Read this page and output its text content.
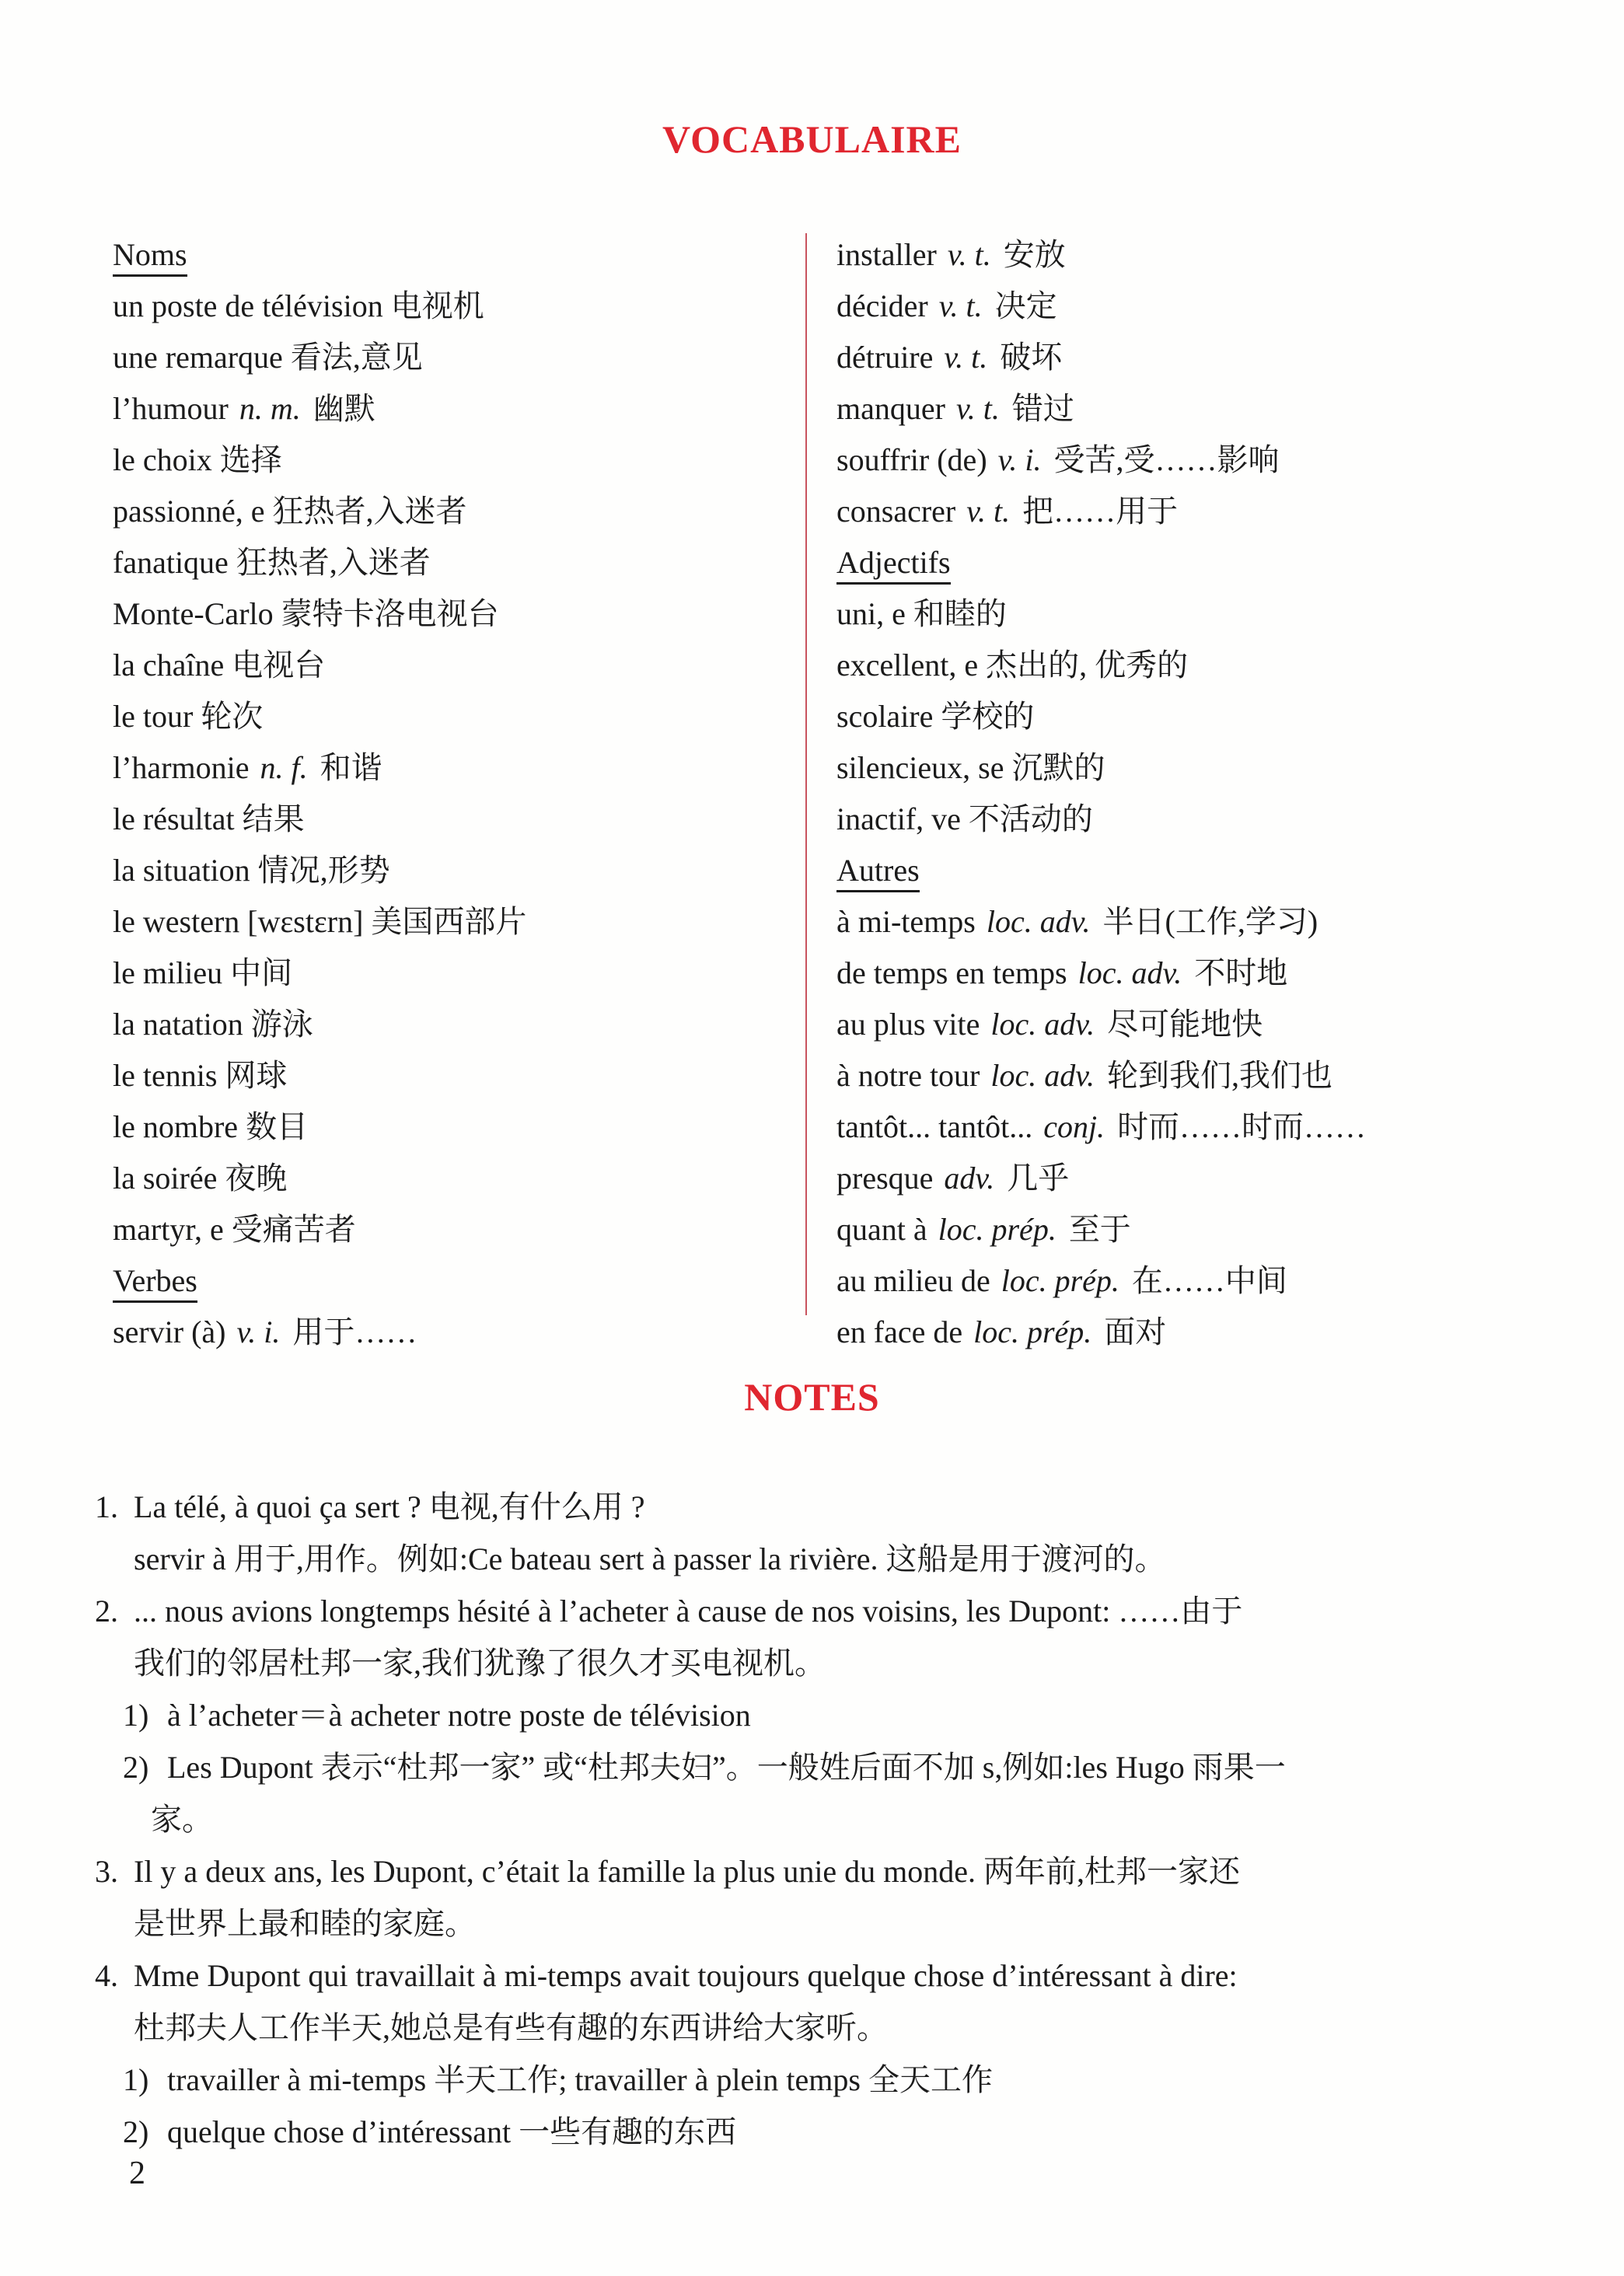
VOCABULAIRE
Noms
un poste de télévision 电视机
une remarque 看法,意见
l’humour n. m. 幽默
le choix 选择
passionné, e 狂热者,入迷者
fanatique 狂热者,入迷者
Monte-Carlo 蒙特卡洛电视台
la chaîne 电视台
le tour 轮次
l’harmonie n. f. 和谐
le résultat 结果
la situation 情况,形势
le western [wɛstɛrn] 美国西部片
le milieu 中间
la natation 游泳
le tennis 网球
le nombre 数目
la soirée 夜晚
martyr, e 受痛苦者
Verbes
servir (à) v. i. 用于……
installer v. t. 安放
décider v. t. 决定
détruire v. t. 破坏
manquer v. t. 错过
souffrir (de) v. i. 受苦,受……影响
consacrer v. t. 把……用于
Adjectifs
uni, e 和睦的
excellent, e 杰出的, 优秀的
scolaire 学校的
silencieux, se 沉默的
inactif, ve 不活动的
Autres
à mi-temps loc. adv. 半日(工作,学习)
de temps en temps loc. adv. 不时地
au plus vite loc. adv. 尽可能地快
à notre tour loc. adv. 轮到我们,我们也
tantôt... tantôt... conj. 时而……时而……
presque adv. 几乎
quant à loc. prép. 至于
au milieu de loc. prép. 在……中间
en face de loc. prép. 面对
NOTES
1. La télé, à quoi ça sert ? 电视,有什么用 ?
servir à 用于,用作。例如:Ce bateau sert à passer la rivière. 这船是用于渡河的。
2. ... nous avions longtemps hésité à l’acheter à cause de nos voisins, les Dupont: ……由于
我们的邻居杜邦一家,我们犹豫了很久才买电视机。
1) à l’acheter＝à acheter notre poste de télévision
2) Les Dupont 表示“杜邦一家” 或“杜邦夫妇”。一般姓后面不加 s,例如:les Hugo 雨果一
家。
3. Il y a deux ans, les Dupont, c’était la famille la plus unie du monde. 两年前,杜邦一家还
是世界上最和睦的家庭。
4. Mme Dupont qui travaillait à mi-temps avait toujours quelque chose d’intéressant à dire:
杜邦夫人工作半天,她总是有些有趣的东西讲给大家听。
1) travailler à mi-temps 半天工作; travailler à plein temps 全天工作
2) quelque chose d’intéressant 一些有趣的东西
2
